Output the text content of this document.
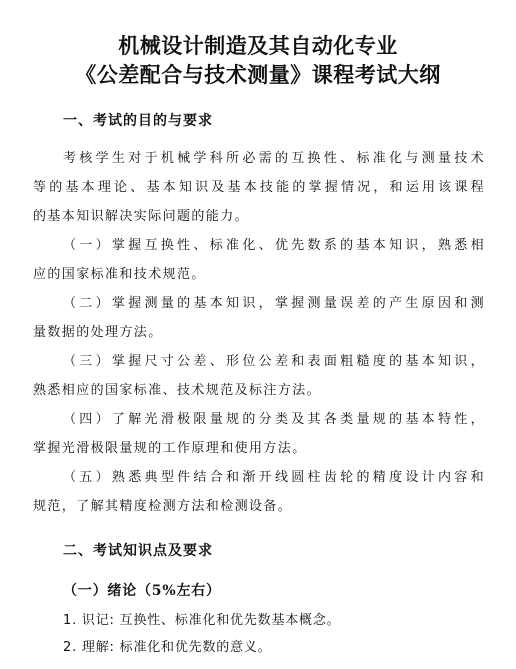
机械设计制造及其自动化专业
《公差配合与技术测量》课程考试大纲
一、考试的目的与要求
考核学生对于机械学科所必需的互换性、标准化与测量技术
等的基本理论、基本知识及基本技能的掌握情况，和运用该课程
的基本知识解决实际问题的能力。
（一）掌握互换性、标准化、优先数系的基本知识，熟悉相
应的国家标准和技术规范。
（二）掌握测量的基本知识，掌握测量误差的产生原因和测
量数据的处理方法。
（三）掌握尺寸公差、形位公差和表面粗糙度的基本知识，
熟悉相应的国家标准、技术规范及标注方法。
（四）了解光滑极限量规的分类及其各类量规的基本特性，
掌握光滑极限量规的工作原理和使用方法。
（五）熟悉典型件结合和渐开线圆柱齿轮的精度设计内容和
规范，了解其精度检测方法和检测设备。
二、考试知识点及要求
（一）绪论（5%左右）
1. 识记: 互换性、标准化和优先数基本概念。
2. 理解: 标准化和优先数的意义。
